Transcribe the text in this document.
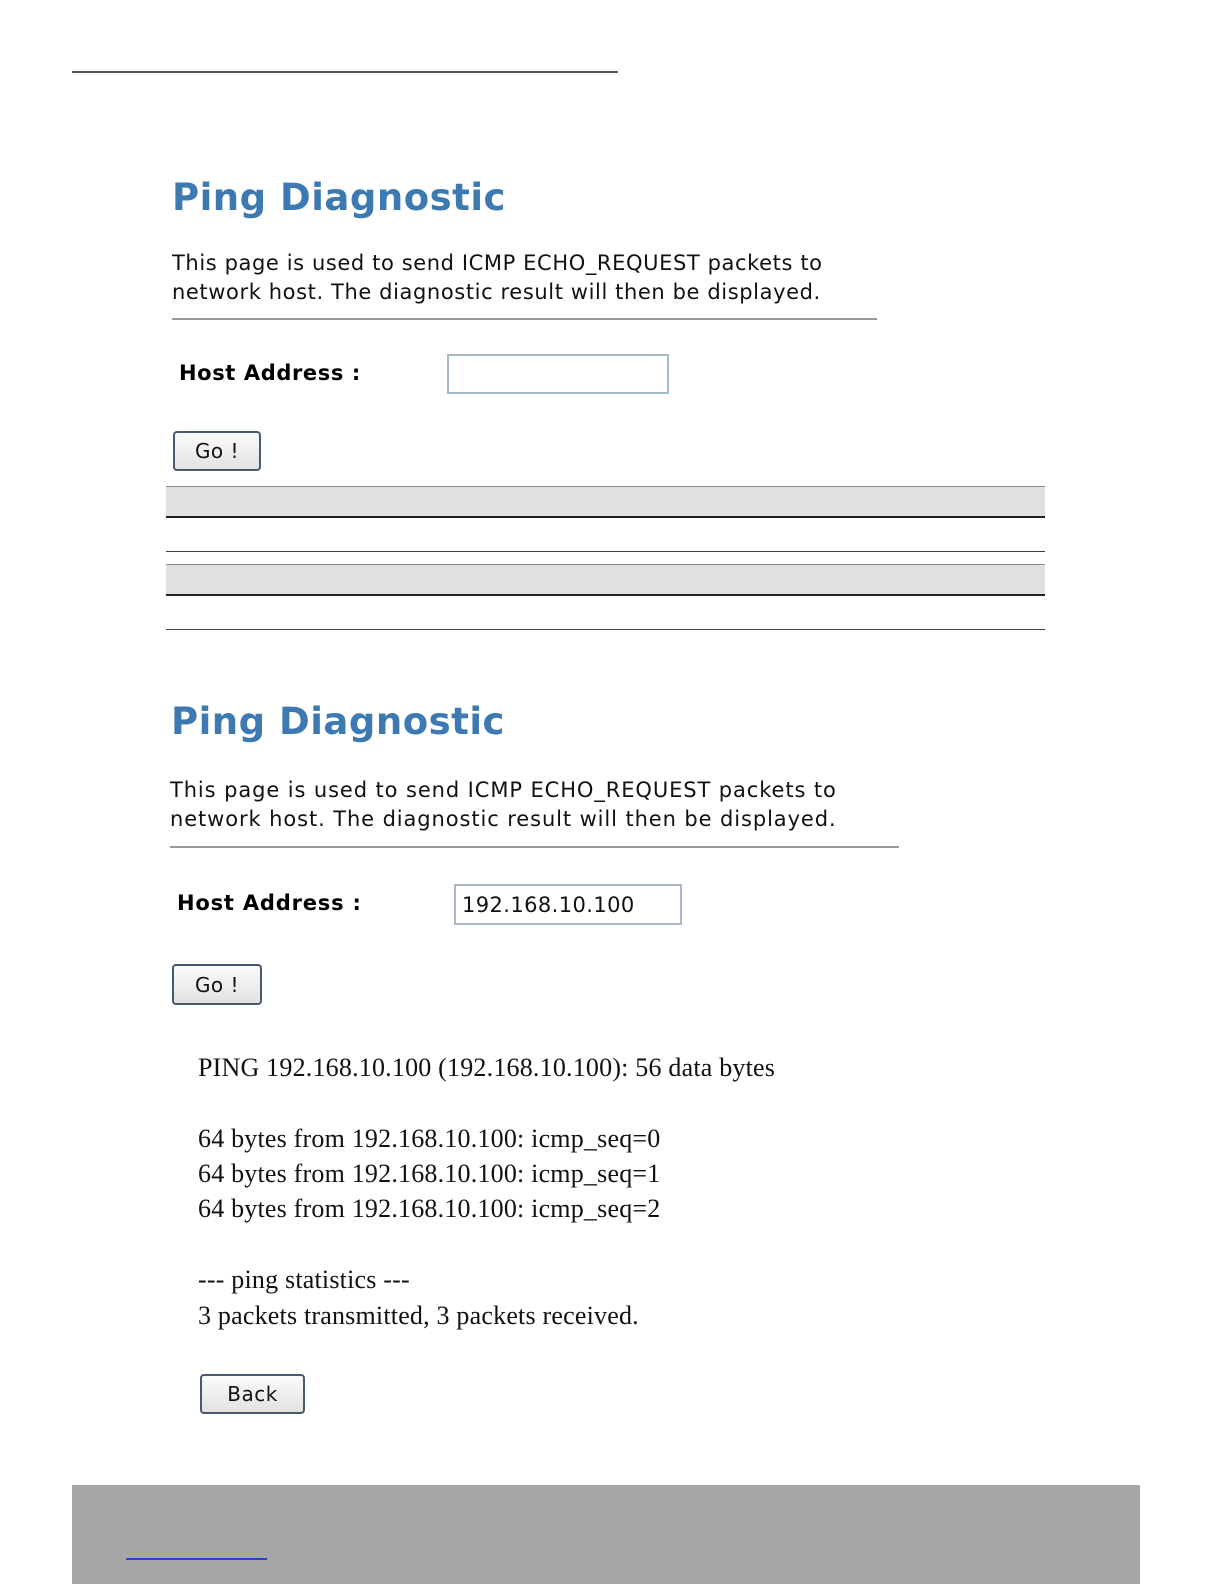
Ping Diagnostic

This page is used to send ICMP ECHO_REQUEST packets to

network host. The diagnostic result will then be displayed.

Host Address :
Go !
Ping Diagnostic

This page is used to send ICMP ECHO_REQUEST packets to

network host. The diagnostic result will then be displayed.

Host Address :
192.168.10.100
Go !
PING 192.168.10.100 (192.168.10.100): 56 data bytes
64 bytes from 192.168.10.100: icmp_seq=0
64 bytes from 192.168.10.100: icmp_seq=1
64 bytes from 192.168.10.100: icmp_seq=2
--- ping statistics ---
3 packets transmitted, 3 packets received.
Back
